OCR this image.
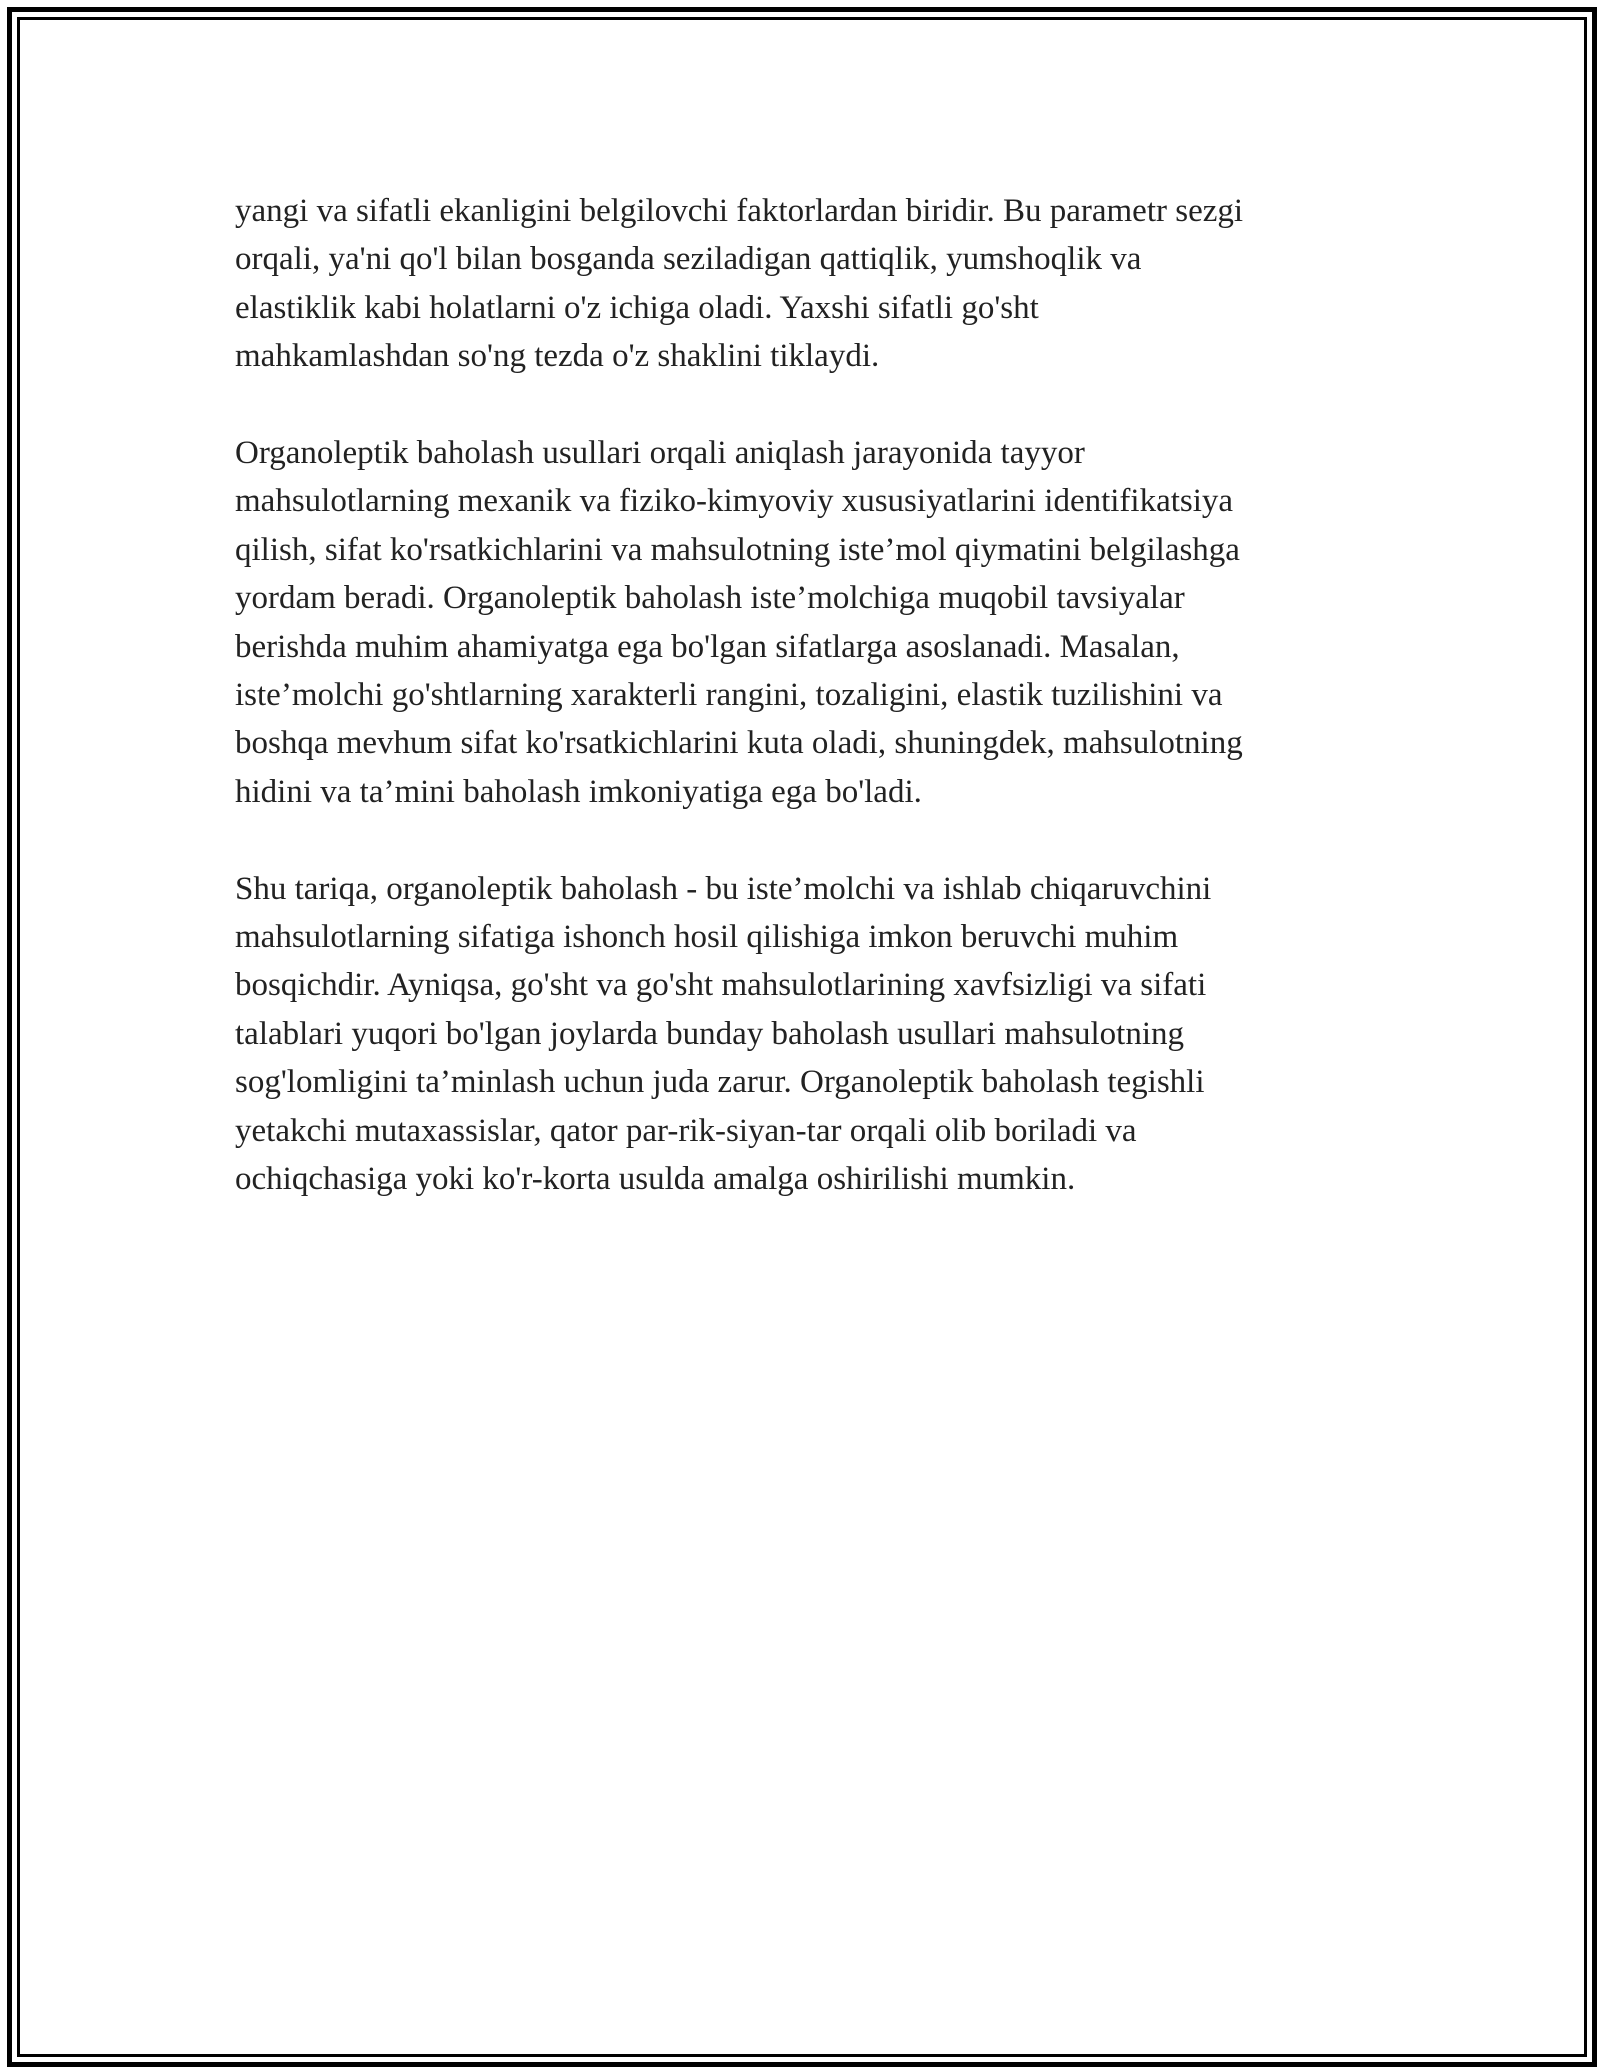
yangi va sifatli ekanligini belgilovchi faktorlardan biridir. Bu parametr sezgi
orqali, ya'ni qo'l bilan bosganda seziladigan qattiqlik, yumshoqlik va
elastiklik kabi holatlarni o'z ichiga oladi. Yaxshi sifatli go'sht
mahkamlashdan so'ng tezda o'z shaklini tiklaydi.

Organoleptik baholash usullari orqali aniqlash jarayonida tayyor
mahsulotlarning mexanik va fiziko-kimyoviy xususiyatlarini identifikatsiya
qilish, sifat ko'rsatkichlarini va mahsulotning iste’mol qiymatini belgilashga
yordam beradi. Organoleptik baholash iste’molchiga muqobil tavsiyalar
berishda muhim ahamiyatga ega bo'lgan sifatlarga asoslanadi. Masalan,
iste’molchi go'shtlarning xarakterli rangini, tozaligini, elastik tuzilishini va
boshqa mevhum sifat ko'rsatkichlarini kuta oladi, shuningdek, mahsulotning
hidini va ta’mini baholash imkoniyatiga ega bo'ladi.

Shu tariqa, organoleptik baholash - bu iste’molchi va ishlab chiqaruvchini
mahsulotlarning sifatiga ishonch hosil qilishiga imkon beruvchi muhim
bosqichdir. Ayniqsa, go'sht va go'sht mahsulotlarining xavfsizligi va sifati
talablari yuqori bo'lgan joylarda bunday baholash usullari mahsulotning
sog'lomligini ta’minlash uchun juda zarur. Organoleptik baholash tegishli
yetakchi mutaxassislar, qator par-rik-siyan-tar orqali olib boriladi va
ochiqchasiga yoki ko'r-korta usulda amalga oshirilishi mumkin.
